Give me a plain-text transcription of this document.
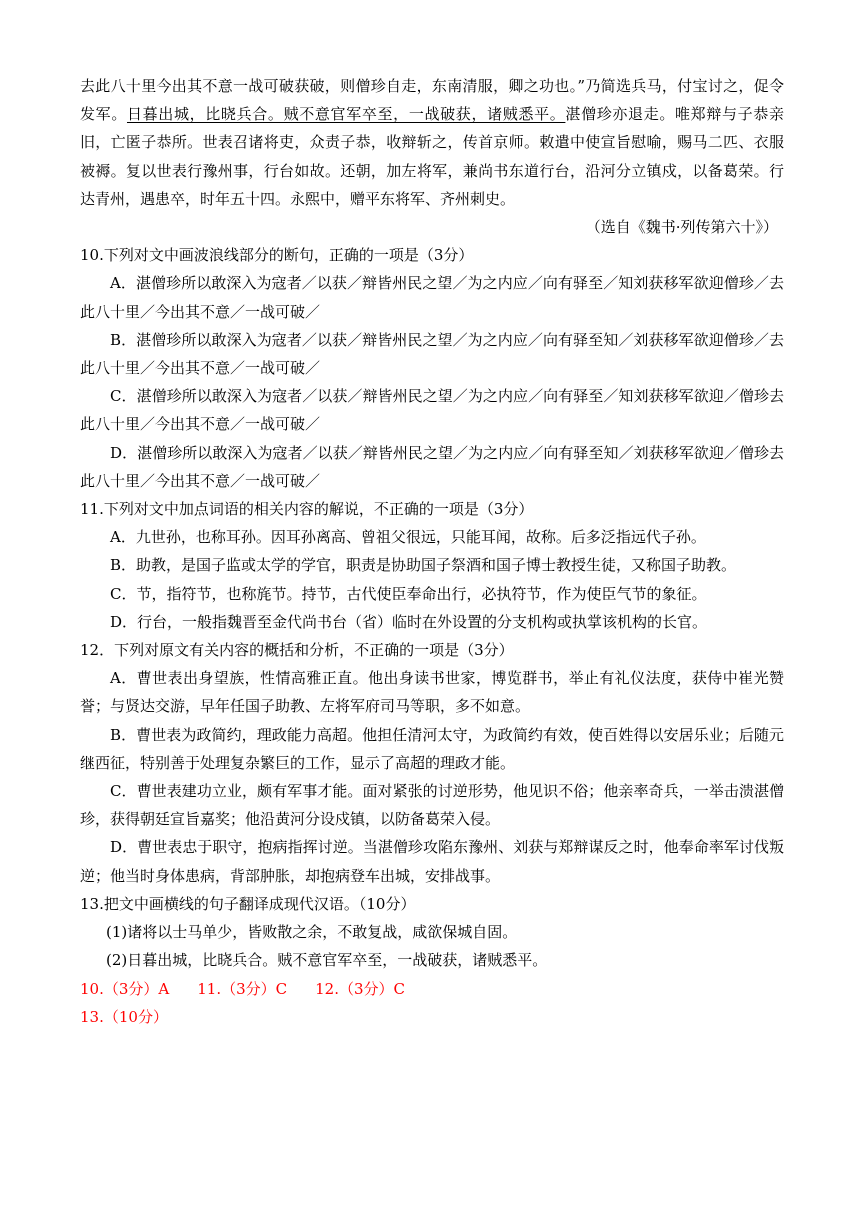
去此八十里今出其不意一战可破获破，则僧珍自走，东南清服，卿之功也。”乃简选兵马，付宝讨之，促令发军。日暮出城，比晓兵合。贼不意官军卒至，一战破获，诸贼悉平。湛僧珍亦退走。唯郑辩与子恭亲旧，亡匿子恭所。世表召诸将吏，众责子恭，收辩斩之，传首京师。敕遣中使宣旨慰喻，赐马二匹、衣服被褥。复以世表行豫州事，行台如故。还朝，加左将军，兼尚书东道行台，沿河分立镇戍，以备葛荣。行达青州，遇患卒，时年五十四。永熙中，赠平东将军、齐州刺史。

（选自《魏书·列传第六十》）

10.下列对文中画波浪线部分的断句，正确的一项是（3分）

A．湛僧珍所以敢深入为寇者／以获／辩皆州民之望／为之内应／向有驿至／知刘获移军欲迎僧珍／去此八十里／今出其不意／一战可破／

B．湛僧珍所以敢深入为寇者／以获／辩皆州民之望／为之内应／向有驿至知／刘获移军欲迎僧珍／去此八十里／今出其不意／一战可破／

C．湛僧珍所以敢深入为寇者／以获／辩皆州民之望／为之内应／向有驿至／知刘获移军欲迎／僧珍去此八十里／今出其不意／一战可破／

D．湛僧珍所以敢深入为寇者／以获／辩皆州民之望／为之内应／向有驿至知／刘获移军欲迎／僧珍去此八十里／今出其不意／一战可破／

11.下列对文中加点词语的相关内容的解说，不正确的一项是（3分）

A．九世孙，也称耳孙。因耳孙离高、曾祖父很远，只能耳闻，故称。后多泛指远代子孙。

B．助教，是国子监或太学的学官，职责是协助国子祭酒和国子博士教授生徒，又称国子助教。

C．节，指符节，也称旄节。持节，古代使臣奉命出行，必执符节，作为使臣气节的象征。

D．行台，一般指魏晋至金代尚书台（省）临时在外设置的分支机构或执掌该机构的长官。

12．下列对原文有关内容的概括和分析，不正确的一项是（3分）

A．曹世表出身望族，性情高雅正直。他出身读书世家，博览群书，举止有礼仪法度，获侍中崔光赞誉；与贤达交游，早年任国子助教、左将军府司马等职，多不如意。

B．曹世表为政简约，理政能力高超。他担任清河太守，为政简约有效，使百姓得以安居乐业；后随元继西征，特别善于处理复杂繁巨的工作，显示了高超的理政才能。

C．曹世表建功立业，颇有军事才能。面对紧张的讨逆形势，他见识不俗；他亲率奇兵，一举击溃湛僧珍，获得朝廷宣旨嘉奖；他沿黄河分设戍镇，以防备葛荣入侵。

D．曹世表忠于职守，抱病指挥讨逆。当湛僧珍攻陷东豫州、刘获与郑辩谋反之时，他奉命率军讨伐叛逆；他当时身体患病，背部肿胀，却抱病登车出城，安排战事。

13.把文中画横线的句子翻译成现代汉语。（10分）

(1)诸将以士马单少，皆败散之余，不敢复战，咸欲保城自固。

(2)日暮出城，比晓兵合。贼不意官军卒至，一战破获，诸贼悉平。

10.（3分）A 11.（3分）C 12.（3分）C

13.（10分）
